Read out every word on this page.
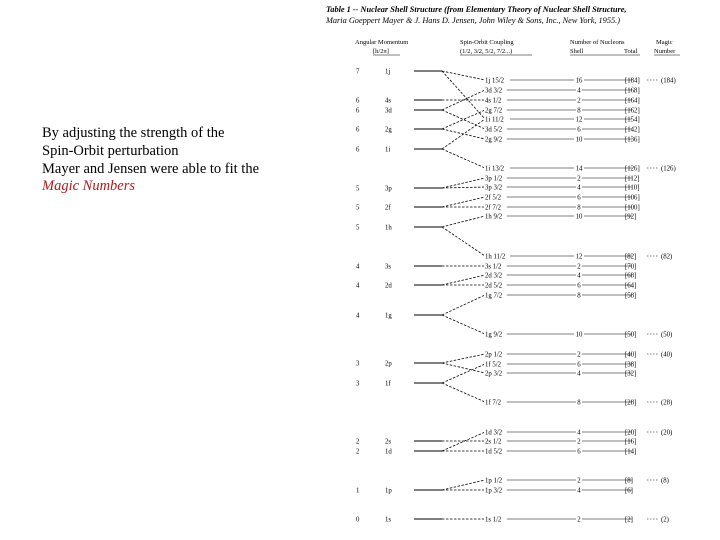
By adjusting the strength of the
Spin-Orbit perturbation
Mayer and Jensen were able to fit the
Magic Numbers
Table 1 -- Nuclear Shell Structure (from Elementary Theory of Nuclear Shell Structure,
Maria Goeppert Mayer & J. Hans D. Jensen, John Wiley & Sons, Inc., New York, 1955.)
Angular Momentum
[h/2π]
Spin-Orbit Coupling
(1/2, 3/2, 5/2, 7/2...)
Number of Nucleons
Shell	Total
Magic
Number
7	1j
6	4s
6	3d
6	2g
6	1i
5	3p
5	2f
5	1h
4	3s
4	2d
4	1g
3	2p
3	1f
2	2s
2	1d
1	1p
0	1s
1j 15/2	16	[184]	(184)
3d 3/2	4	[168]
4s 1/2	2	[164]
2g 7/2	8	[162]
1i 11/2	12	[154]
3d 5/2	6	[142]
2g 9/2	10	[136]
1i 13/2	14	[126]	(126)
3p 1/2	2	[112]
3p 3/2	4	[110]
2f 5/2	6	[106]
2f 7/2	8	[100]
1h 9/2	10	[92]
1h 11/2	12	[82]	(82)
3s 1/2	2	[70]
2d 3/2	4	[68]
2d 5/2	6	[64]
1g 7/2	8	[58]
1g 9/2	10	[50]	(50)
2p 1/2	2	[40]	(40)
1f 5/2	6	[38]
2p 3/2	4	[32]
1f 7/2	8	[28]	(28)
1d 3/2	4	[20]	(20)
2s 1/2	2	[16]
1d 5/2	6	[14]
1p 1/2	2	[8]	(8)
1p 3/2	4	[6]
1s 1/2	2	[2]	(2)
